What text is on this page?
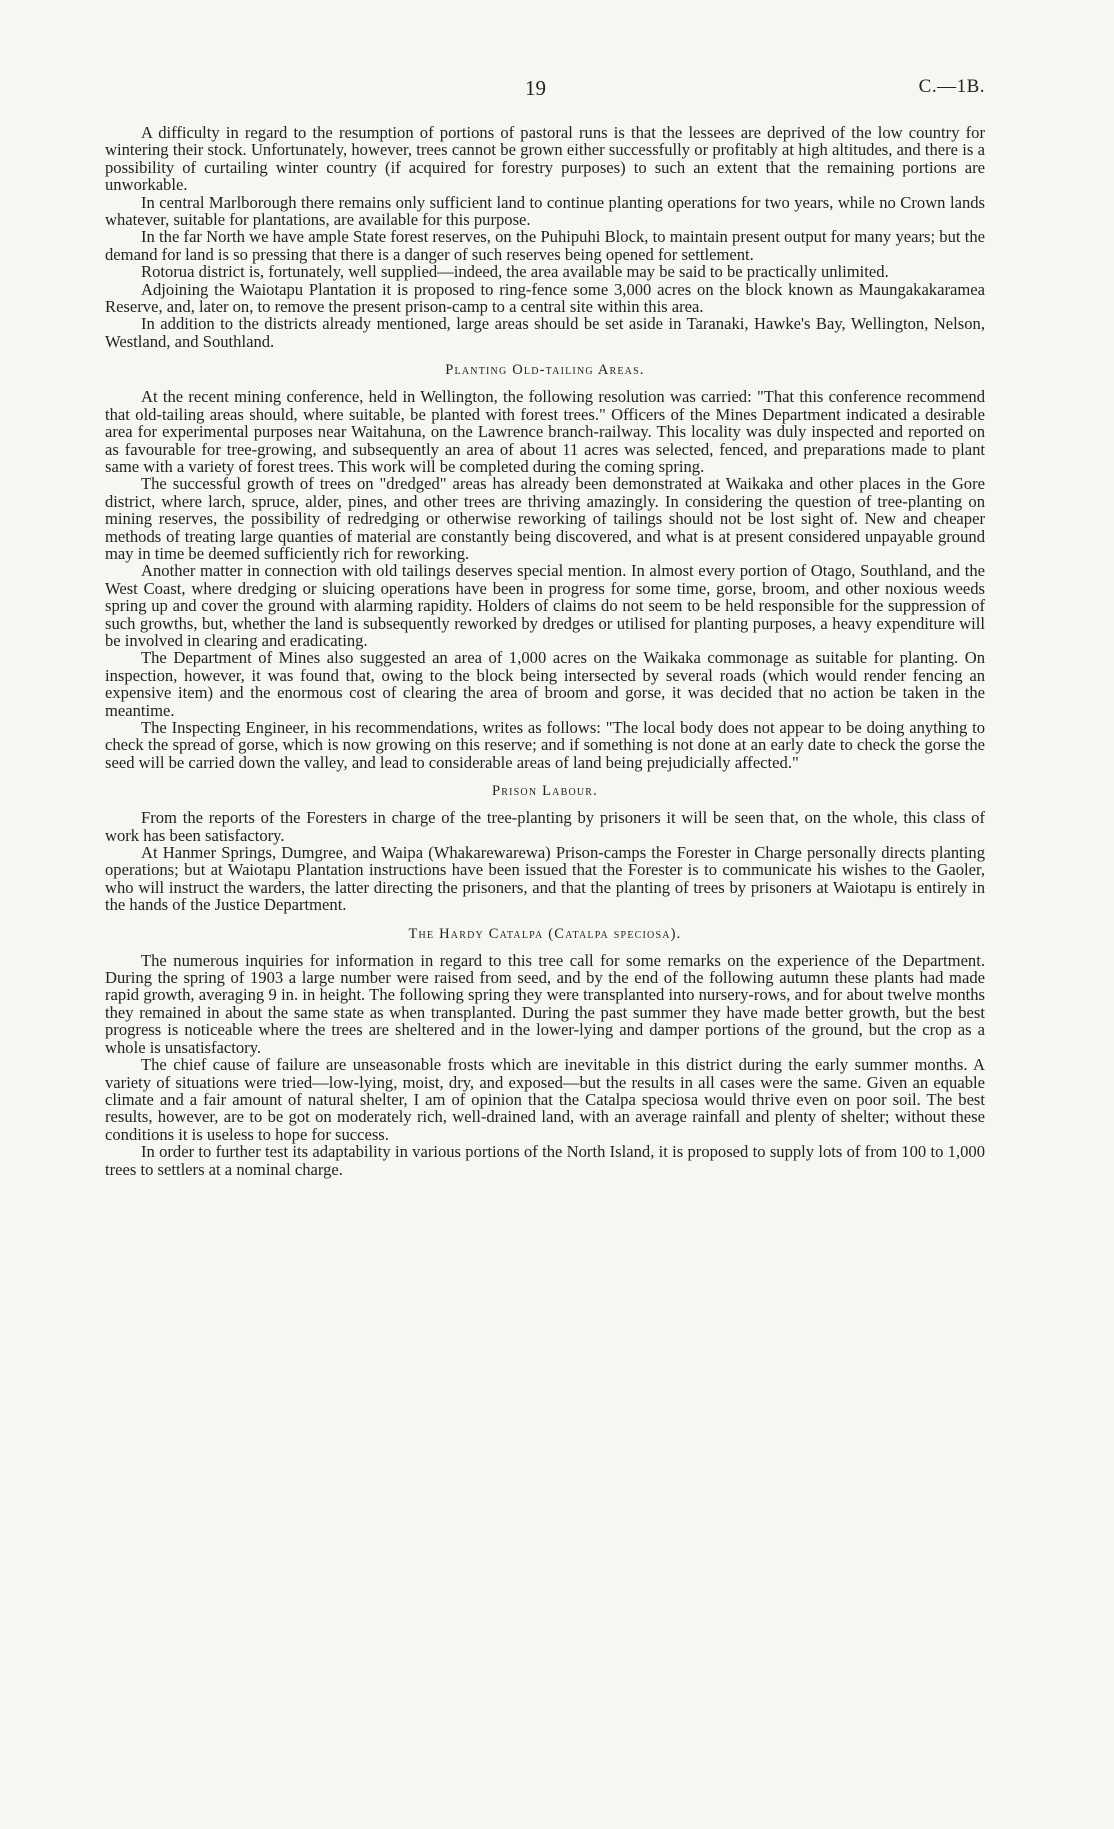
19	C.—1B.

A difficulty in regard to the resumption of portions of pastoral runs is that the lessees are deprived of the low country for wintering their stock. Unfortunately, however, trees cannot be grown either successfully or profitably at high altitudes, and there is a possibility of curtailing winter country (if acquired for forestry purposes) to such an extent that the remaining portions are unworkable.

In central Marlborough there remains only sufficient land to continue planting operations for two years, while no Crown lands whatever, suitable for plantations, are available for this purpose.

In the far North we have ample State forest reserves, on the Puhipuhi Block, to maintain present output for many years; but the demand for land is so pressing that there is a danger of such reserves being opened for settlement.

Rotorua district is, fortunately, well supplied—indeed, the area available may be said to be practically unlimited.

Adjoining the Waiotapu Plantation it is proposed to ring-fence some 3,000 acres on the block known as Maungakakaramea Reserve, and, later on, to remove the present prison-camp to a central site within this area.

In addition to the districts already mentioned, large areas should be set aside in Taranaki, Hawke's Bay, Wellington, Nelson, Westland, and Southland.

Planting Old-tailing Areas.

At the recent mining conference, held in Wellington, the following resolution was carried: "That this conference recommend that old-tailing areas should, where suitable, be planted with forest trees." Officers of the Mines Department indicated a desirable area for experimental purposes near Waitahuna, on the Lawrence branch-railway. This locality was duly inspected and reported on as favourable for tree-growing, and subsequently an area of about 11 acres was selected, fenced, and preparations made to plant same with a variety of forest trees. This work will be completed during the coming spring.

The successful growth of trees on "dredged" areas has already been demonstrated at Waikaka and other places in the Gore district, where larch, spruce, alder, pines, and other trees are thriving amazingly. In considering the question of tree-planting on mining reserves, the possibility of redredging or otherwise reworking of tailings should not be lost sight of. New and cheaper methods of treating large quanties of material are constantly being discovered, and what is at present considered unpayable ground may in time be deemed sufficiently rich for reworking.

Another matter in connection with old tailings deserves special mention. In almost every portion of Otago, Southland, and the West Coast, where dredging or sluicing operations have been in progress for some time, gorse, broom, and other noxious weeds spring up and cover the ground with alarming rapidity. Holders of claims do not seem to be held responsible for the suppression of such growths, but, whether the land is subsequently reworked by dredges or utilised for planting purposes, a heavy expenditure will be involved in clearing and eradicating.

The Department of Mines also suggested an area of 1,000 acres on the Waikaka commonage as suitable for planting. On inspection, however, it was found that, owing to the block being intersected by several roads (which would render fencing an expensive item) and the enormous cost of clearing the area of broom and gorse, it was decided that no action be taken in the meantime.

The Inspecting Engineer, in his recommendations, writes as follows: "The local body does not appear to be doing anything to check the spread of gorse, which is now growing on this reserve; and if something is not done at an early date to check the gorse the seed will be carried down the valley, and lead to considerable areas of land being prejudicially affected."

Prison Labour.

From the reports of the Foresters in charge of the tree-planting by prisoners it will be seen that, on the whole, this class of work has been satisfactory.

At Hanmer Springs, Dumgree, and Waipa (Whakarewarewa) Prison-camps the Forester in Charge personally directs planting operations; but at Waiotapu Plantation instructions have been issued that the Forester is to communicate his wishes to the Gaoler, who will instruct the warders, the latter directing the prisoners, and that the planting of trees by prisoners at Waiotapu is entirely in the hands of the Justice Department.

The Hardy Catalpa (Catalpa speciosa).

The numerous inquiries for information in regard to this tree call for some remarks on the experience of the Department. During the spring of 1903 a large number were raised from seed, and by the end of the following autumn these plants had made rapid growth, averaging 9 in. in height. The following spring they were transplanted into nursery-rows, and for about twelve months they remained in about the same state as when transplanted. During the past summer they have made better growth, but the best progress is noticeable where the trees are sheltered and in the lower-lying and damper portions of the ground, but the crop as a whole is unsatisfactory.

The chief cause of failure are unseasonable frosts which are inevitable in this district during the early summer months. A variety of situations were tried—low-lying, moist, dry, and exposed—but the results in all cases were the same. Given an equable climate and a fair amount of natural shelter, I am of opinion that the Catalpa speciosa would thrive even on poor soil. The best results, however, are to be got on moderately rich, well-drained land, with an average rainfall and plenty of shelter; without these conditions it is useless to hope for success.

In order to further test its adaptability in various portions of the North Island, it is proposed to supply lots of from 100 to 1,000 trees to settlers at a nominal charge.
